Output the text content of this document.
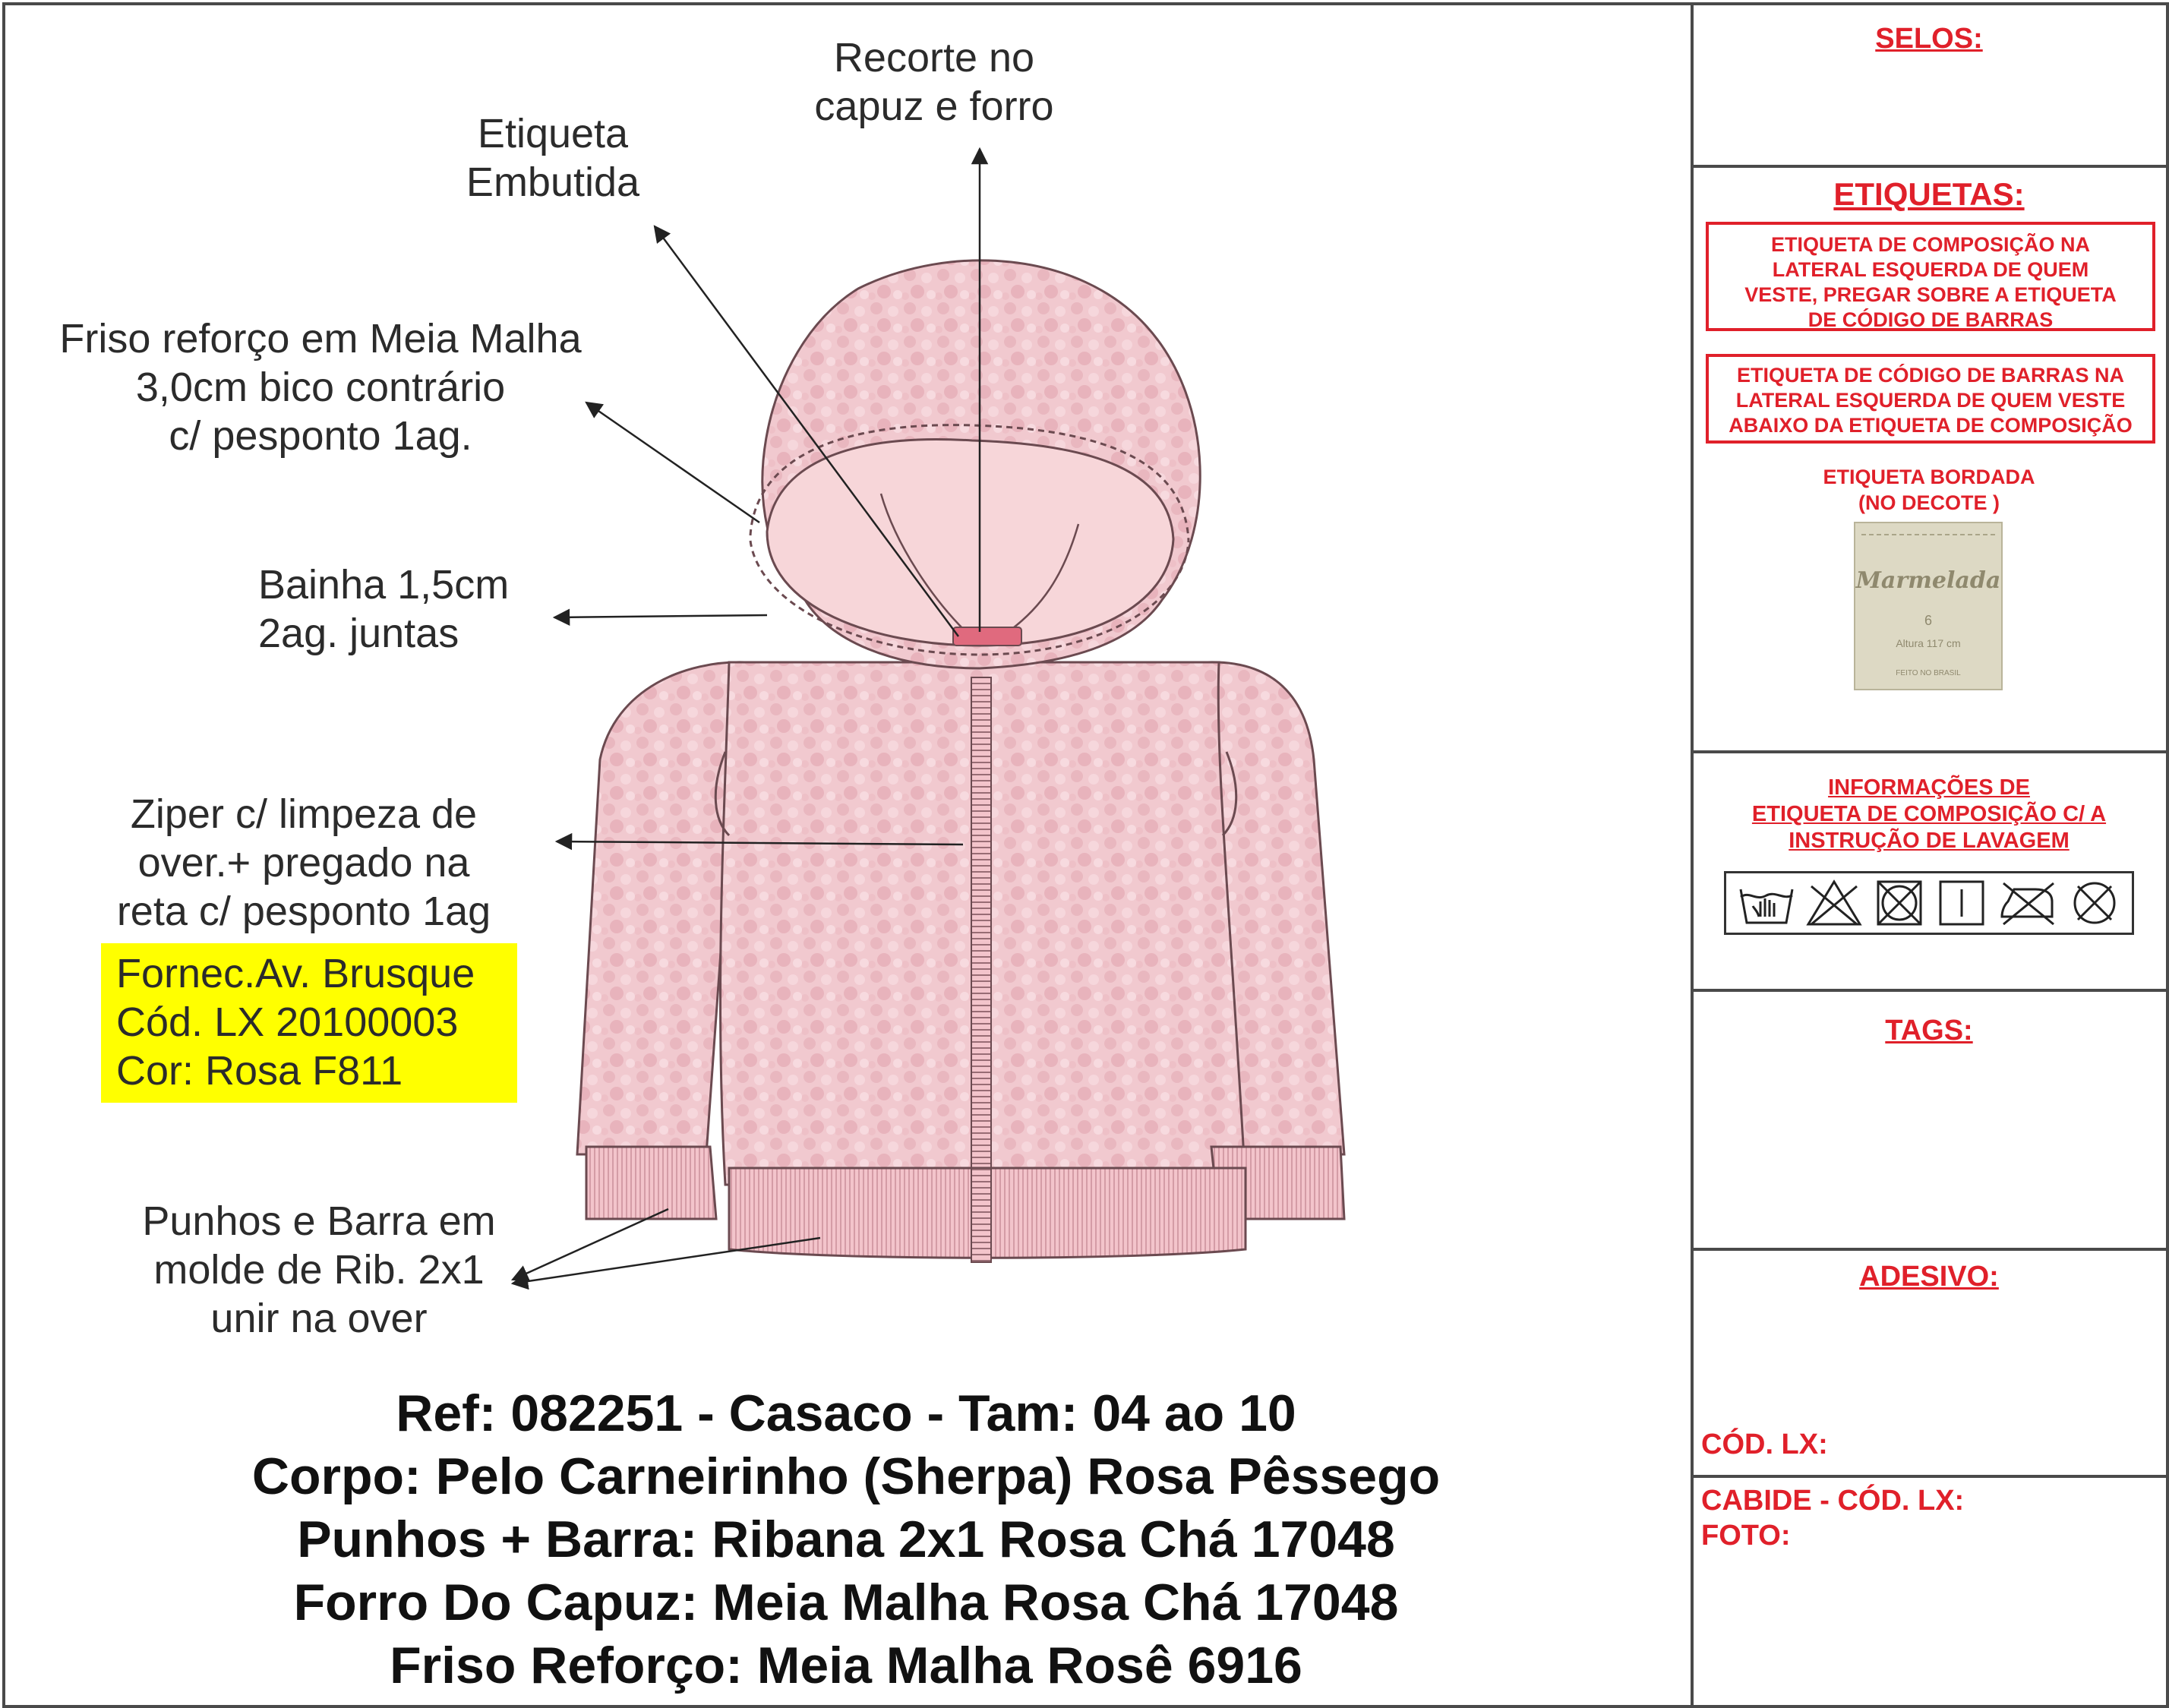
Recorte no
capuz e forro
Etiqueta
Embutida
Friso reforço em Meia Malha
3,0cm bico contrário
c/ pesponto 1ag.
Bainha 1,5cm
2ag. juntas
Ziper c/ limpeza de
over.+ pregado na
reta c/ pesponto 1ag
Punhos e Barra em
molde de Rib. 2x1
unir na over
Fornec.Av. Brusque
Cód. LX 20100003
Cor: Rosa F811
Ref: 082251 - Casaco - Tam: 04 ao 10
Corpo: Pelo Carneirinho (Sherpa) Rosa Pêssego
Punhos + Barra: Ribana 2x1 Rosa Chá 17048
Forro Do Capuz: Meia Malha Rosa Chá 17048
Friso Reforço: Meia Malha Rosê 6916
SELOS:
ETIQUETAS:
ETIQUETA DE COMPOSIÇÃO NA
LATERAL ESQUERDA DE QUEM
VESTE, PREGAR SOBRE A ETIQUETA
DE CÓDIGO DE BARRAS
ETIQUETA DE CÓDIGO DE BARRAS NA
LATERAL ESQUERDA DE QUEM VESTE
ABAIXO DA ETIQUETA DE COMPOSIÇÃO
ETIQUETA BORDADA
(NO DECOTE )
Marmelada
6
Altura 117 cm
FEITO NO BRASIL
INFORMAÇÕES DE
ETIQUETA DE COMPOSIÇÃO C/ A
INSTRUÇÃO DE LAVAGEM
TAGS:
ADESIVO:
CÓD. LX:
CABIDE - CÓD. LX:
FOTO:
